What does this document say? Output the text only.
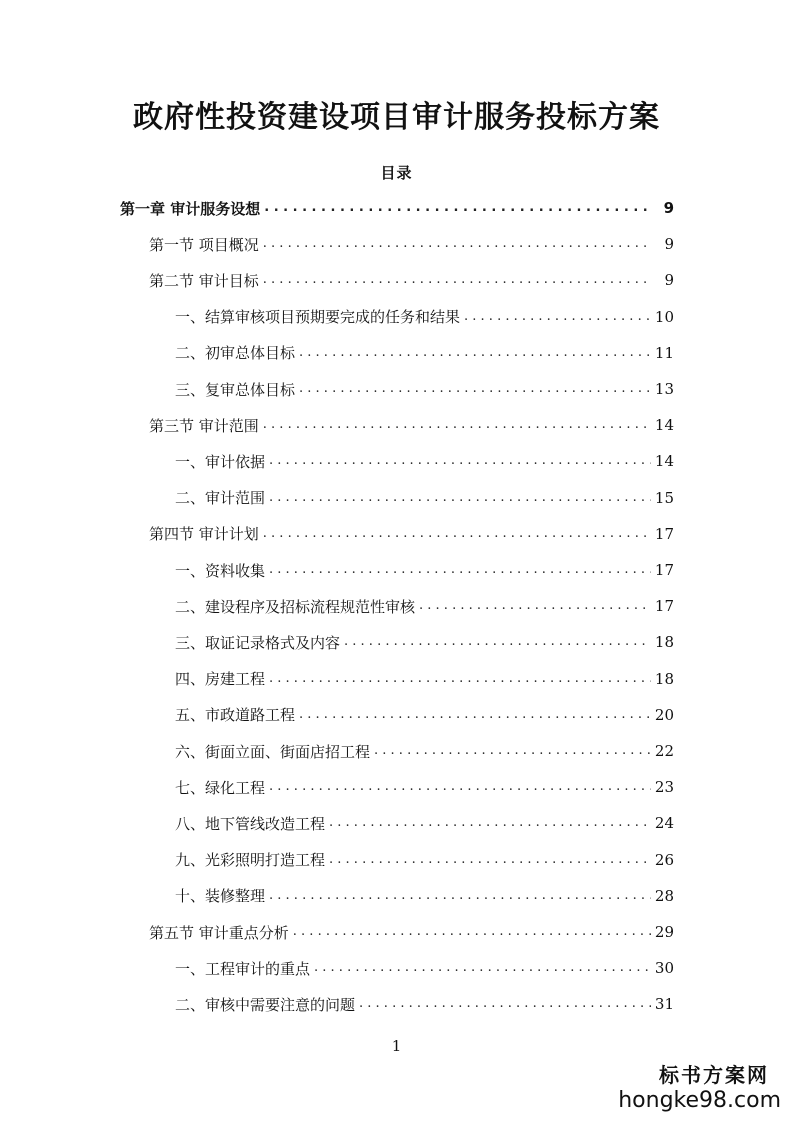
政府性投资建设项目审计服务投标方案
目录
第一章 审计服务设想 . . .	9
第一节 项目概况 . . .	9
第二节 审计目标 . . .	9
一、结算审核项目预期要完成的任务和结果 . . .	10
二、初审总体目标 . . .	11
三、复审总体目标 . . .	13
第三节 审计范围 . . .	14
一、审计依据 . . .	14
二、审计范围 . . .	15
第四节 审计计划 . . .	17
一、资料收集 . . .	17
二、建设程序及招标流程规范性审核 . . .	17
三、取证记录格式及内容 . . .	18
四、房建工程 . . .	18
五、市政道路工程 . . .	20
六、街面立面、街面店招工程 . . .	22
七、绿化工程 . . .	23
八、地下管线改造工程 . . .	24
九、光彩照明打造工程 . . .	26
十、装修整理 . . .	28
第五节 审计重点分析 . . .	29
一、工程审计的重点 . . .	30
二、审核中需要注意的问题 . . .	31
1
标书方案网
hongke98.com
